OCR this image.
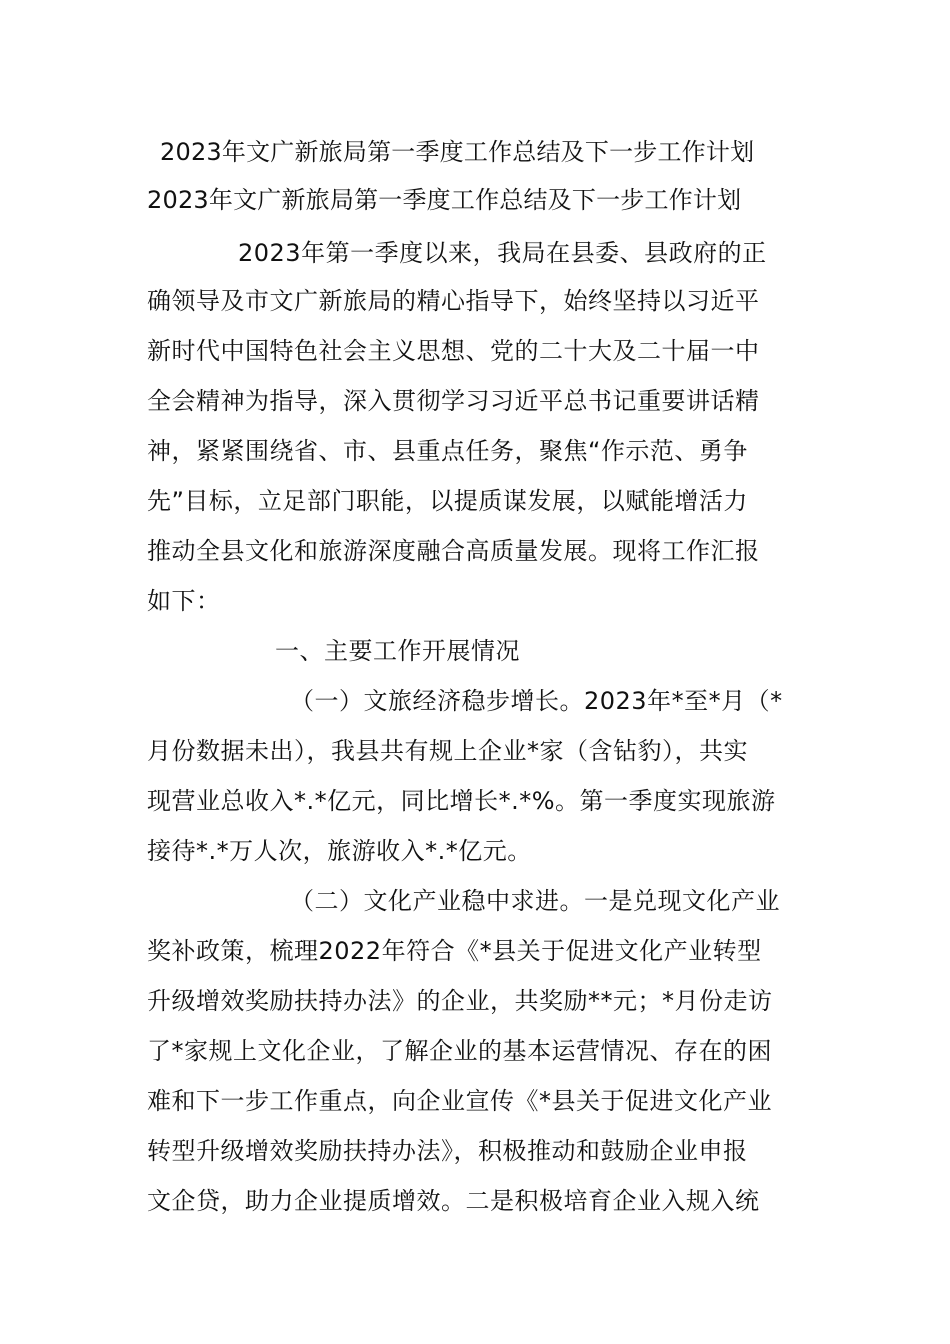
2023年文广新旅局第一季度工作总结及下一步工作计划
2023年文广新旅局第一季度工作总结及下一步工作计划
2023年第一季度以来，我局在县委、县政府的正
确领导及市文广新旅局的精心指导下，始终坚持以习近平
新时代中国特色社会主义思想、党的二十大及二十届一中
全会精神为指导，深入贯彻学习习近平总书记重要讲话精
神，紧紧围绕省、市、县重点任务，聚焦“作示范、勇争
先”目标，立足部门职能，以提质谋发展，以赋能增活力
推动全县文化和旅游深度融合高质量发展。现将工作汇报
如下：
一、主要工作开展情况
（一）文旅经济稳步增长。2023年*至*月（*
月份数据未出），我县共有规上企业*家（含钻豹），共实
现营业总收入*.*亿元，同比增长*.*%。第一季度实现旅游
接待*.*万人次，旅游收入*.*亿元。
（二）文化产业稳中求进。一是兑现文化产业
奖补政策，梳理2022年符合《*县关于促进文化产业转型
升级增效奖励扶持办法》的企业，共奖励**元；*月份走访
了*家规上文化企业，了解企业的基本运营情况、存在的困
难和下一步工作重点，向企业宣传《*县关于促进文化产业
转型升级增效奖励扶持办法》，积极推动和鼓励企业申报
文企贷，助力企业提质增效。二是积极培育企业入规入统
